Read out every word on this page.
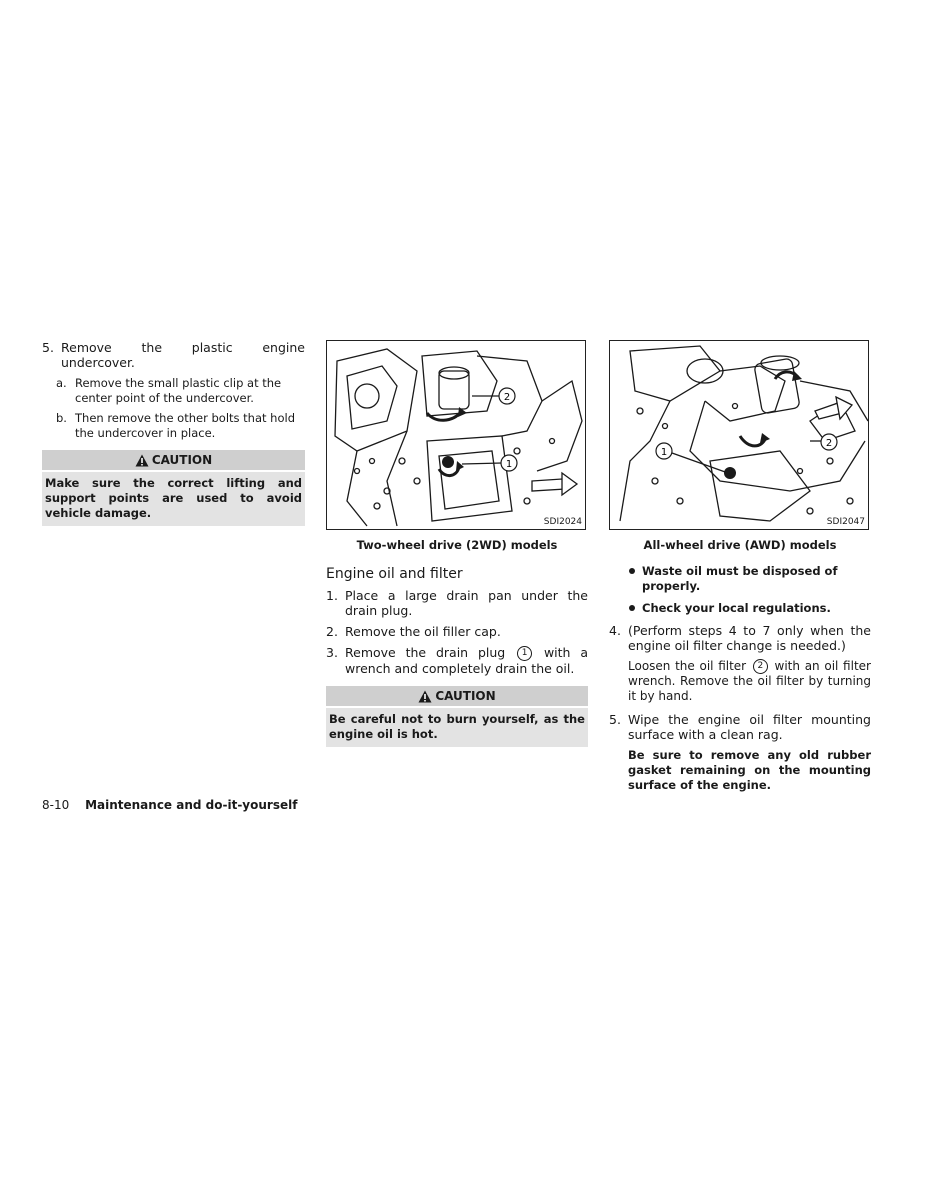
5. Remove the plastic engine undercover.
a. Remove the small plastic clip at the center point of the undercover.
b. Then remove the other bolts that hold the undercover in place.
CAUTION
Make sure the correct lifting and support points are used to avoid vehicle damage.
2
1
SDI2024
Two-wheel drive (2WD) models
Engine oil and filter
1. Place a large drain pan under the drain plug.
2. Remove the oil filler cap.
3. Remove the drain plug 1 with a wrench and completely drain the oil.
CAUTION
Be careful not to burn yourself, as the engine oil is hot.
1
2
SDI2047
All-wheel drive (AWD) models
Waste oil must be disposed of properly.
Check your local regulations.
4. (Perform steps 4 to 7 only when the engine oil filter change is needed.)
Loosen the oil filter 2 with an oil filter wrench. Remove the oil filter by turning it by hand.
5. Wipe the engine oil filter mounting surface with a clean rag.
Be sure to remove any old rubber gasket remaining on the mounting surface of the engine.
8-10 Maintenance and do-it-yourself
